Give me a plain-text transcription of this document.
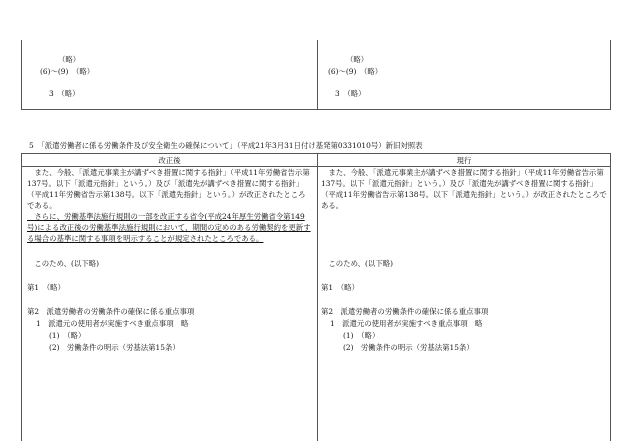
（略）
(6)～(9)　（略）
3　（略）
（略）
(6)～(9)　（略）
3　（略）
5　「派遣労働者に係る労働条件及び安全衛生の確保について」（平成21年3月31日付け基発第0331010号）新旧対照表
改正後	現行
　また、今般、「派遣元事業主が講ずべき措置に関する指針」（平成11年労働省告示第137号。以下「派遣元指針」という。）及び「派遣先が講ずべき措置に関する指針」（平成11年労働省告示第138号。以下「派遣先指針」という。）が改正されたところである。
　さらに、労働基準法施行規則の一部を改正する省令(平成24年厚生労働省令第149号)による改正後の労働基準法施行規則において、期間の定めのある労働契約を更新する場合の基準に関する事項を明示することが規定されたところである。
　このため、(以下略)
第1　（略）
第2　派遣労働者の労働条件の確保に係る重点事項
1　派遣元の使用者が実施すべき重点事項　略
(1)　（略）
(2)　労働条件の明示（労基法第15条）
　また、今般、「派遣元事業主が講ずべき措置に関する指針」（平成11年労働省告示第137号。以下「派遣元指針」という。）及び「派遣先が講ずべき措置に関する指針」（平成11年労働省告示第138号。以下「派遣先指針」という。）が改正されたところである。
　このため、(以下略)
第1　（略）
第2　派遣労働者の労働条件の確保に係る重点事項
1　派遣元の使用者が実施すべき重点事項　略
(1)　（略）
(2)　労働条件の明示（労基法第15条）
